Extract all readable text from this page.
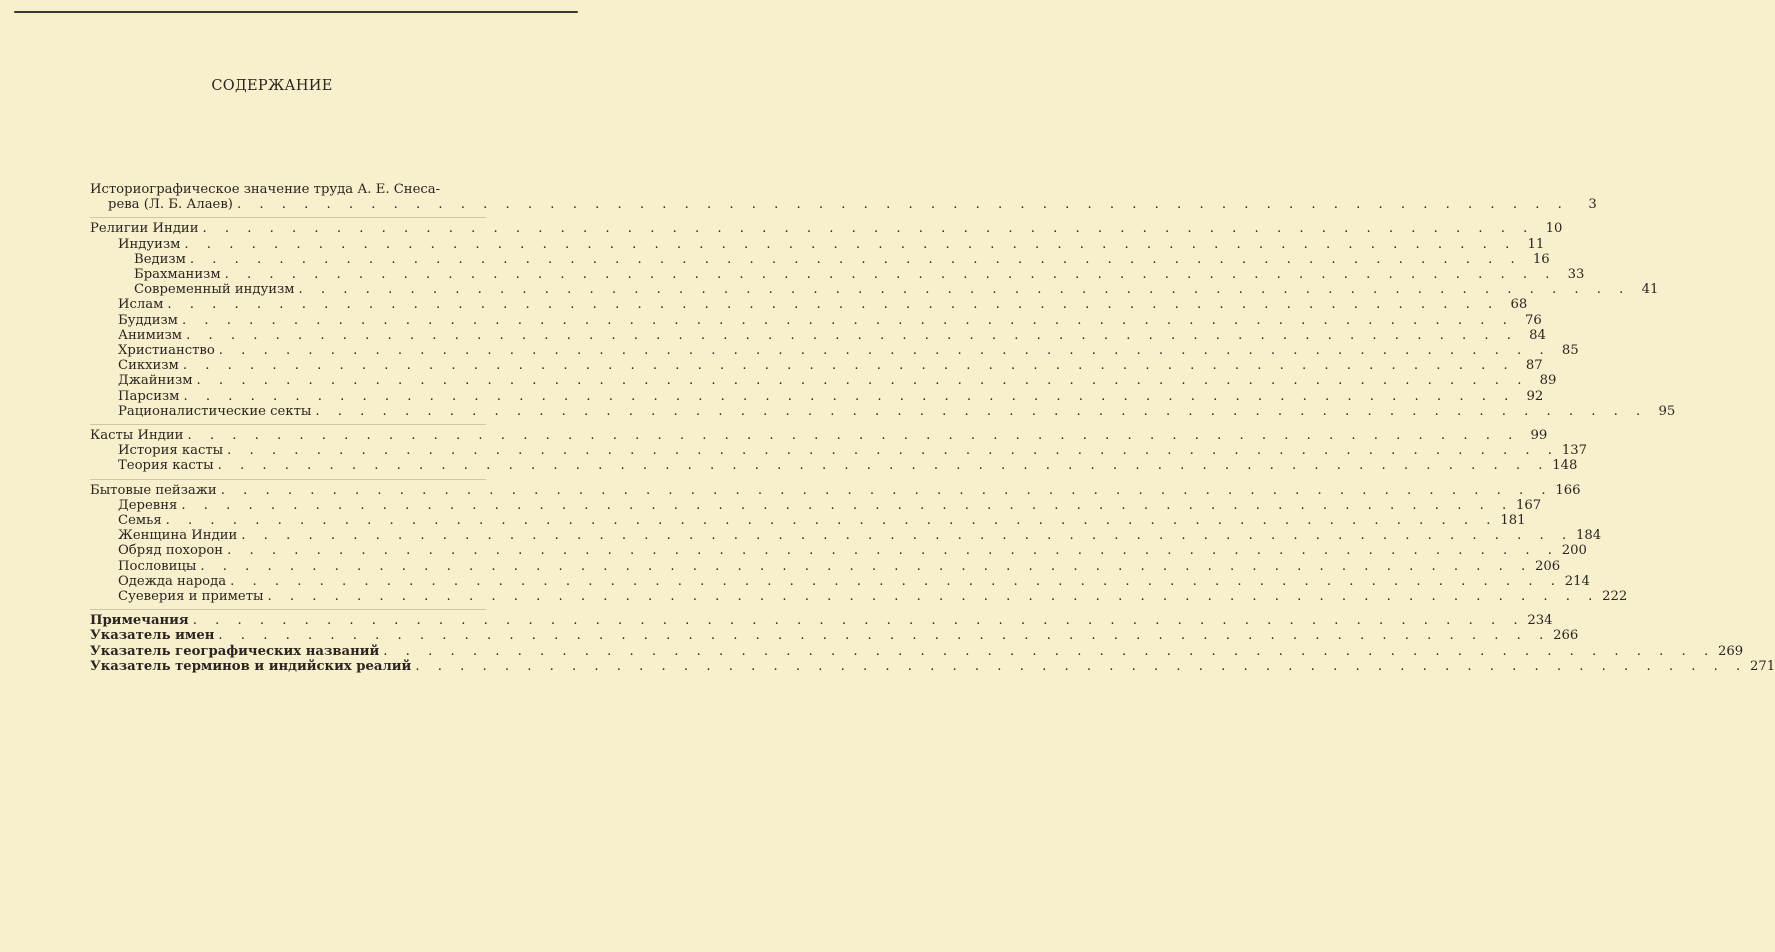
СОДЕРЖАНИЕ
Историографическое значение труда А. Е. Снеса-
рева (Л. Б. Алаев) . . . . . . . . . . . . . . . . . . . . . . . . . . . . . . . . . . . . . . . . . . . . . . . . . . . . . . . . . . . .	3
Религии Индии . . . . . . . . . . . . . . . . . . . . . . . . . . . . . . . . . . . . . . . . . . . . . . . . . . . . . . . . . . . . 10
Индуизм . . . . . . . . . . . . . . . . . . . . . . . . . . . . . . . . . . . . . . . . . . . . . . . . . . . . . . . . . . . . 11
Ведизм . . . . . . . . . . . . . . . . . . . . . . . . . . . . . . . . . . . . . . . . . . . . . . . . . . . . . . . . . . . . 16
Брахманизм . . . . . . . . . . . . . . . . . . . . . . . . . . . . . . . . . . . . . . . . . . . . . . . . . . . . . . . . . . . . 33
Современный индуизм . . . . . . . . . . . . . . . . . . . . . . . . . . . . . . . . . . . . . . . . . . . . . . . . . . . . . . . . . . . . 41
Ислам . . . . . . . . . . . . . . . . . . . . . . . . . . . . . . . . . . . . . . . . . . . . . . . . . . . . . . . . . . . . 68
Буддизм . . . . . . . . . . . . . . . . . . . . . . . . . . . . . . . . . . . . . . . . . . . . . . . . . . . . . . . . . . . . 76
Анимизм . . . . . . . . . . . . . . . . . . . . . . . . . . . . . . . . . . . . . . . . . . . . . . . . . . . . . . . . . . . . 84
Христианство . . . . . . . . . . . . . . . . . . . . . . . . . . . . . . . . . . . . . . . . . . . . . . . . . . . . . . . . . . . . 85
Сикхизм . . . . . . . . . . . . . . . . . . . . . . . . . . . . . . . . . . . . . . . . . . . . . . . . . . . . . . . . . . . . 87
Джайнизм . . . . . . . . . . . . . . . . . . . . . . . . . . . . . . . . . . . . . . . . . . . . . . . . . . . . . . . . . . . . 89
Парсизм . . . . . . . . . . . . . . . . . . . . . . . . . . . . . . . . . . . . . . . . . . . . . . . . . . . . . . . . . . . . 92
Рационалистические секты . . . . . . . . . . . . . . . . . . . . . . . . . . . . . . . . . . . . . . . . . . . . . . . . . . . . . . . . . . . . 95
Касты Индии . . . . . . . . . . . . . . . . . . . . . . . . . . . . . . . . . . . . . . . . . . . . . . . . . . . . . . . . . . . . 99
История касты . . . . . . . . . . . . . . . . . . . . . . . . . . . . . . . . . . . . . . . . . . . . . . . . . . . . . . . . . . . . 137
Теория касты . . . . . . . . . . . . . . . . . . . . . . . . . . . . . . . . . . . . . . . . . . . . . . . . . . . . . . . . . . . . 148
Бытовые пейзажи . . . . . . . . . . . . . . . . . . . . . . . . . . . . . . . . . . . . . . . . . . . . . . . . . . . . . . . . . . . . 166
Деревня . . . . . . . . . . . . . . . . . . . . . . . . . . . . . . . . . . . . . . . . . . . . . . . . . . . . . . . . . . . . 167
Семья . . . . . . . . . . . . . . . . . . . . . . . . . . . . . . . . . . . . . . . . . . . . . . . . . . . . . . . . . . . . 181
Женщина Индии . . . . . . . . . . . . . . . . . . . . . . . . . . . . . . . . . . . . . . . . . . . . . . . . . . . . . . . . . . . . 184
Обряд похорон . . . . . . . . . . . . . . . . . . . . . . . . . . . . . . . . . . . . . . . . . . . . . . . . . . . . . . . . . . . . 200
Пословицы . . . . . . . . . . . . . . . . . . . . . . . . . . . . . . . . . . . . . . . . . . . . . . . . . . . . . . . . . . . . 206
Одежда народа . . . . . . . . . . . . . . . . . . . . . . . . . . . . . . . . . . . . . . . . . . . . . . . . . . . . . . . . . . . . 214
Суеверия и приметы . . . . . . . . . . . . . . . . . . . . . . . . . . . . . . . . . . . . . . . . . . . . . . . . . . . . . . . . . . . . 222
Примечания . . . . . . . . . . . . . . . . . . . . . . . . . . . . . . . . . . . . . . . . . . . . . . . . . . . . . . . . . . . . 234
Указатель имен . . . . . . . . . . . . . . . . . . . . . . . . . . . . . . . . . . . . . . . . . . . . . . . . . . . . . . . . . . . . 266
Указатель географических названий . . . . . . . . . . . . . . . . . . . . . . . . . . . . . . . . . . . . . . . . . . . . . . . . . . . . . . . . . . . . 269
Указатель терминов и индийских реалий . . . . . . . . . . . . . . . . . . . . . . . . . . . . . . . . . . . . . . . . . . . . . . . . . . . . . . . . . . . . 271
